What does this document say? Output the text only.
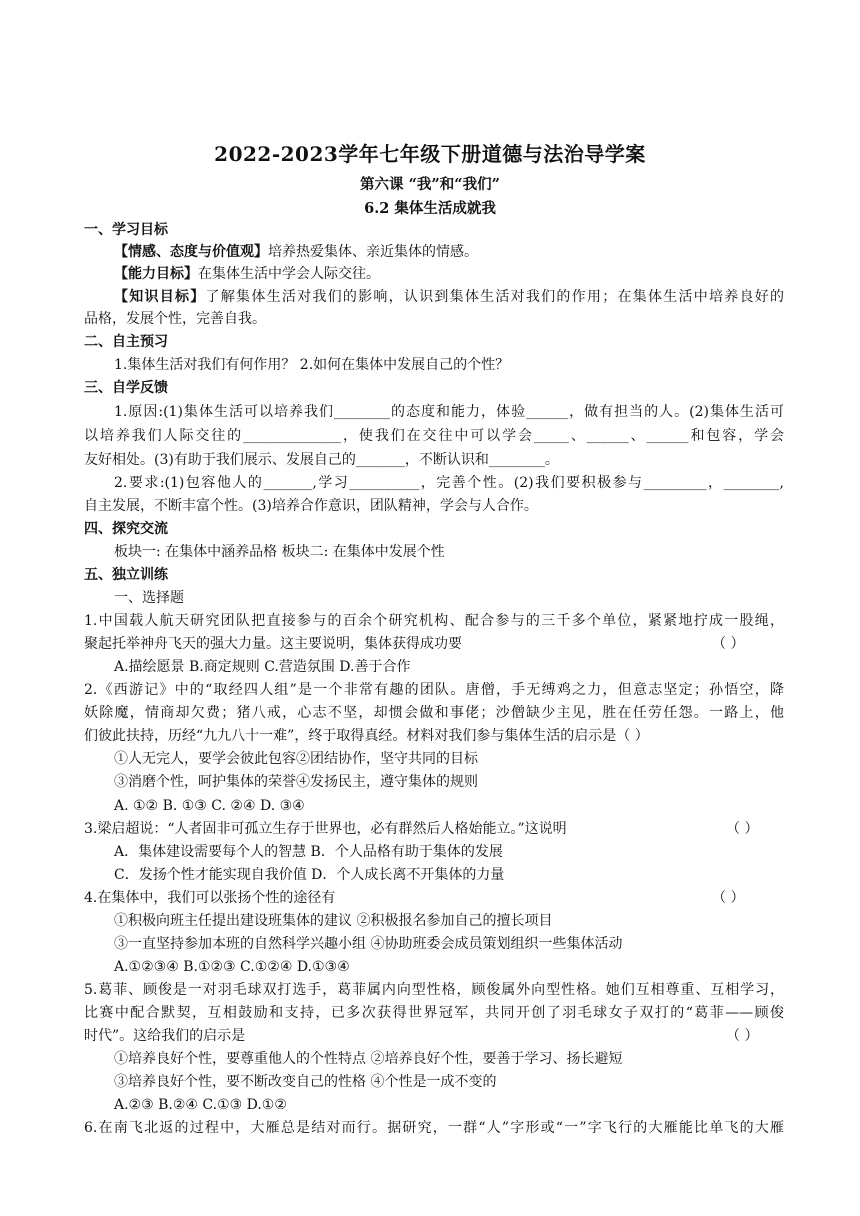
2022-2023学年七年级下册道德与法治导学案
第六课 “我”和“我们”
6.2 集体生活成就我
一、学习目标
【情感、态度与价值观】培养热爱集体、亲近集体的情感。
【能力目标】在集体生活中学会人际交往。
【知识目标】了解集体生活对我们的影响，认识到集体生活对我们的作用；在集体生活中培养良好的
品格，发展个性，完善自我。
二、自主预习
1.集体生活对我们有何作用？ 2.如何在集体中发展自己的个性？
三、自学反馈
1.原因:(1)集体生活可以培养我们________的态度和能力，体验______，做有担当的人。(2)集体生活可
以培养我们人际交往的______________，使我们在交往中可以学会_____、______、______和包容，学会
友好相处。(3)有助于我们展示、发展自己的_______，不断认识和________。
2.要求:(1)包容他人的_______,学习__________，完善个性。(2)我们要积极参与_________，________,
自主发展，不断丰富个性。(3)培养合作意识，团队精神，学会与人合作。
四、探究交流
板块一: 在集体中涵养品格 板块二: 在集体中发展个性
五、独立训练
一、选择题
1.中国载人航天研究团队把直接参与的百余个研究机构、配合参与的三千多个单位，紧紧地拧成一股绳，
聚起托举神舟飞天的强大力量。这主要说明，集体获得成功要	（ ）
A.描绘愿景 B.商定规则 C.营造氛围 D.善于合作
2.《西游记》中的“取经四人组”是一个非常有趣的团队。唐僧，手无缚鸡之力，但意志坚定；孙悟空，降
妖除魔，情商却欠费；猪八戒，心志不坚，却惯会做和事佬；沙僧缺少主见，胜在任劳任怨。一路上，他
们彼此扶持，历经“九九八十一难”，终于取得真经。材料对我们参与集体生活的启示是（ ）
①人无完人，要学会彼此包容②团结协作，坚守共同的目标
③消磨个性，呵护集体的荣誉④发扬民主，遵守集体的规则
A. ①② B. ①③ C. ②④ D. ③④
3.梁启超说：“人者固非可孤立生存于世界也，必有群然后人格始能立。”这说明	（ ）
A．集体建设需要每个人的智慧 B．个人品格有助于集体的发展
C．发扬个性才能实现自我价值 D．个人成长离不开集体的力量
4.在集体中，我们可以张扬个性的途径有	（ ）
①积极向班主任提出建设班集体的建议 ②积极报名参加自己的擅长项目
③一直坚持参加本班的自然科学兴趣小组 ④协助班委会成员策划组织一些集体活动
A.①②③④ B.①②③ C.①②④ D.①③④
5.葛菲、顾俊是一对羽毛球双打选手，葛菲属内向型性格，顾俊属外向型性格。她们互相尊重、互相学习，
比赛中配合默契，互相鼓励和支持，已多次获得世界冠军，共同开创了羽毛球女子双打的“葛菲——顾俊
时代”。这给我们的启示是	（ ）
①培养良好个性，要尊重他人的个性特点 ②培养良好个性，要善于学习、扬长避短
③培养良好个性，要不断改变自己的性格 ④个性是一成不变的
A.②③ B.②④ C.①③ D.①②
6.在南飞北返的过程中，大雁总是结对而行。据研究，一群“人”字形或“一”字飞行的大雁能比单飞的大雁
